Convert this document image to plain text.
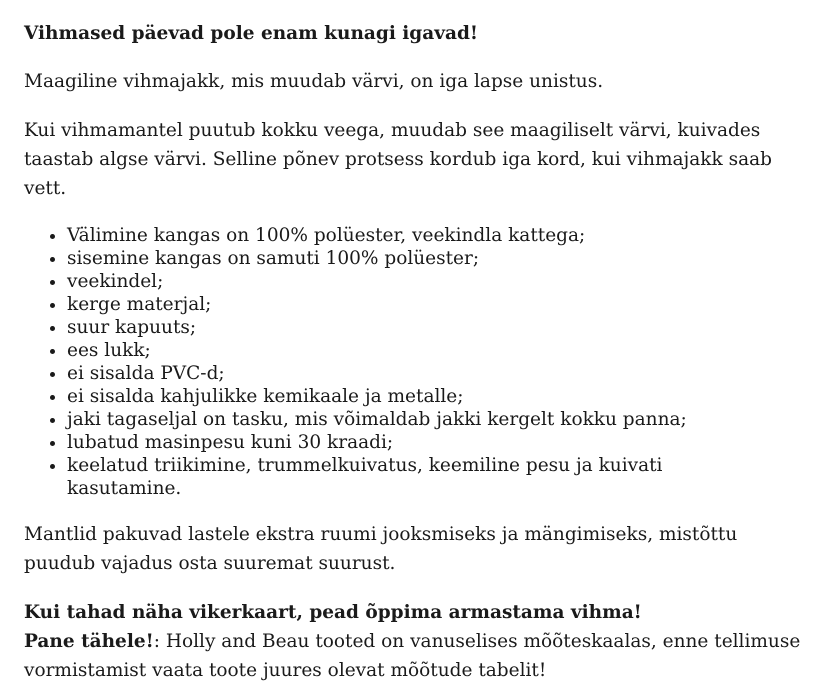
Vihmased päevad pole enam kunagi igavad!

Maagiline vihmajakk, mis muudab värvi, on iga lapse unistus.

Kui vihmamantel puutub kokku veega, muudab see maagiliselt värvi, kuivades taastab algse värvi. Selline põnev protsess kordub iga kord, kui vihmajakk saab vett.

• Välimine kangas on 100% polüester, veekindla kattega;
• sisemine kangas on samuti 100% polüester;
• veekindel;
• kerge materjal;
• suur kapuuts;
• ees lukk;
• ei sisalda PVC-d;
• ei sisalda kahjulikke kemikaale ja metalle;
• jaki tagaseljal on tasku, mis võimaldab jakki kergelt kokku panna;
• lubatud masinpesu kuni 30 kraadi;
• keelatud triikimine, trummelkuivatus, keemiline pesu ja kuivati kasutamine.

Mantlid pakuvad lastele ekstra ruumi jooksmiseks ja mängimiseks, mistõttu puudub vajadus osta suuremat suurust.

Kui tahad näha vikerkaart, pead õppima armastama vihma!

Pane tähele!: Holly and Beau tooted on vanuselises mõõteskaalas, enne tellimuse vormistamist vaata toote juures olevat mõõtude tabelit!
